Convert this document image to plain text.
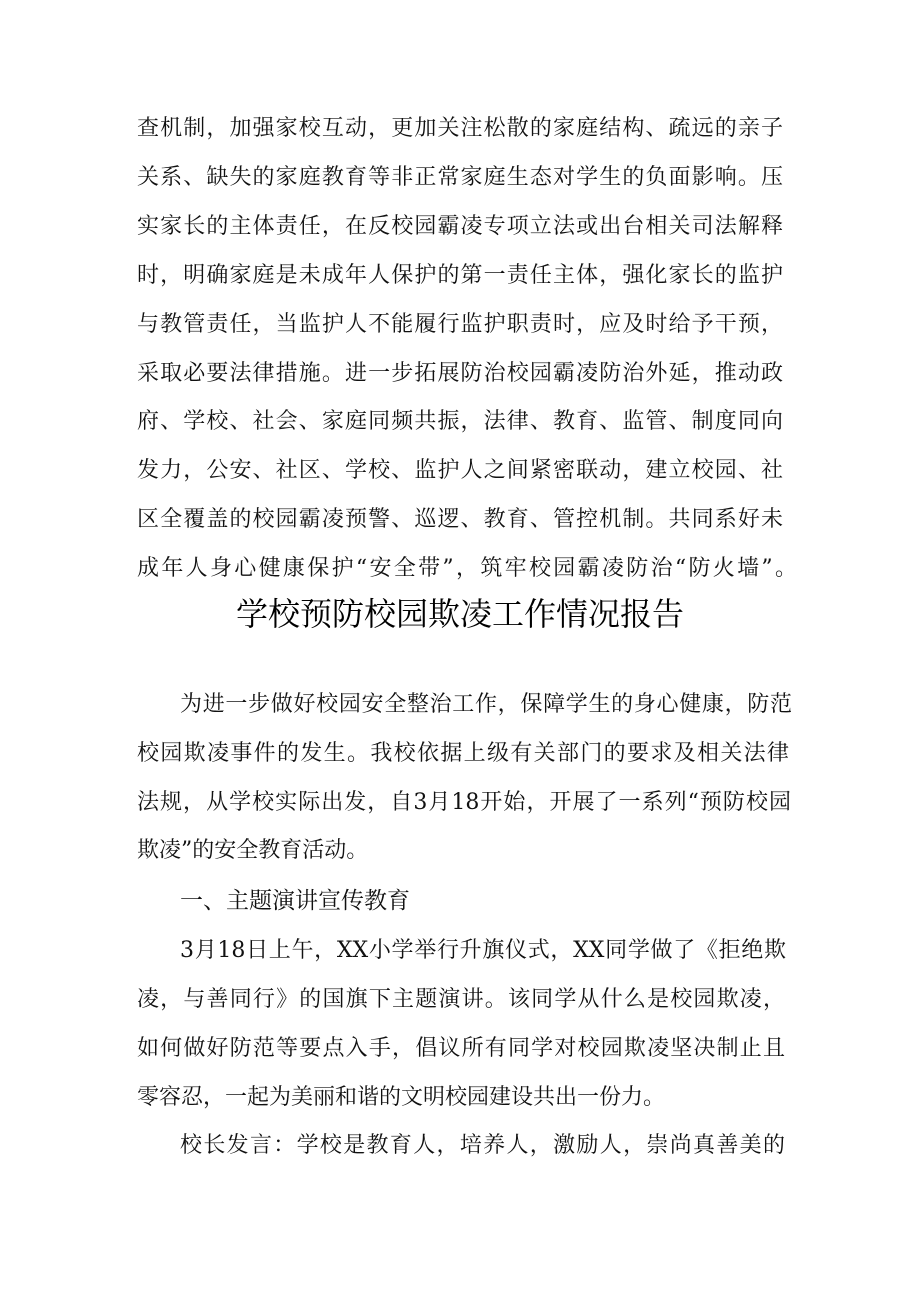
查机制，加强家校互动，更加关注松散的家庭结构、疏远的亲子
关系、缺失的家庭教育等非正常家庭生态对学生的负面影响。压
实家长的主体责任，在反校园霸凌专项立法或出台相关司法解释
时，明确家庭是未成年人保护的第一责任主体，强化家长的监护
与教管责任，当监护人不能履行监护职责时，应及时给予干预，
采取必要法律措施。进一步拓展防治校园霸凌防治外延，推动政
府、学校、社会、家庭同频共振，法律、教育、监管、制度同向
发力，公安、社区、学校、监护人之间紧密联动，建立校园、社
区全覆盖的校园霸凌预警、巡逻、教育、管控机制。共同系好未
成年人身心健康保护“安全带”，筑牢校园霸凌防治“防火墙”。
学校预防校园欺凌工作情况报告
为进一步做好校园安全整治工作，保障学生的身心健康，防范
校园欺凌事件的发生。我校依据上级有关部门的要求及相关法律
法规，从学校实际出发，自3月18开始，开展了一系列“预防校园
欺凌”的安全教育活动。
一、主题演讲宣传教育
3月18日上午，XX小学举行升旗仪式，XX同学做了《拒绝欺
凌，与善同行》的国旗下主题演讲。该同学从什么是校园欺凌，
如何做好防范等要点入手，倡议所有同学对校园欺凌坚决制止且
零容忍，一起为美丽和谐的文明校园建设共出一份力。
校长发言：学校是教育人，培养人，激励人，崇尚真善美的
